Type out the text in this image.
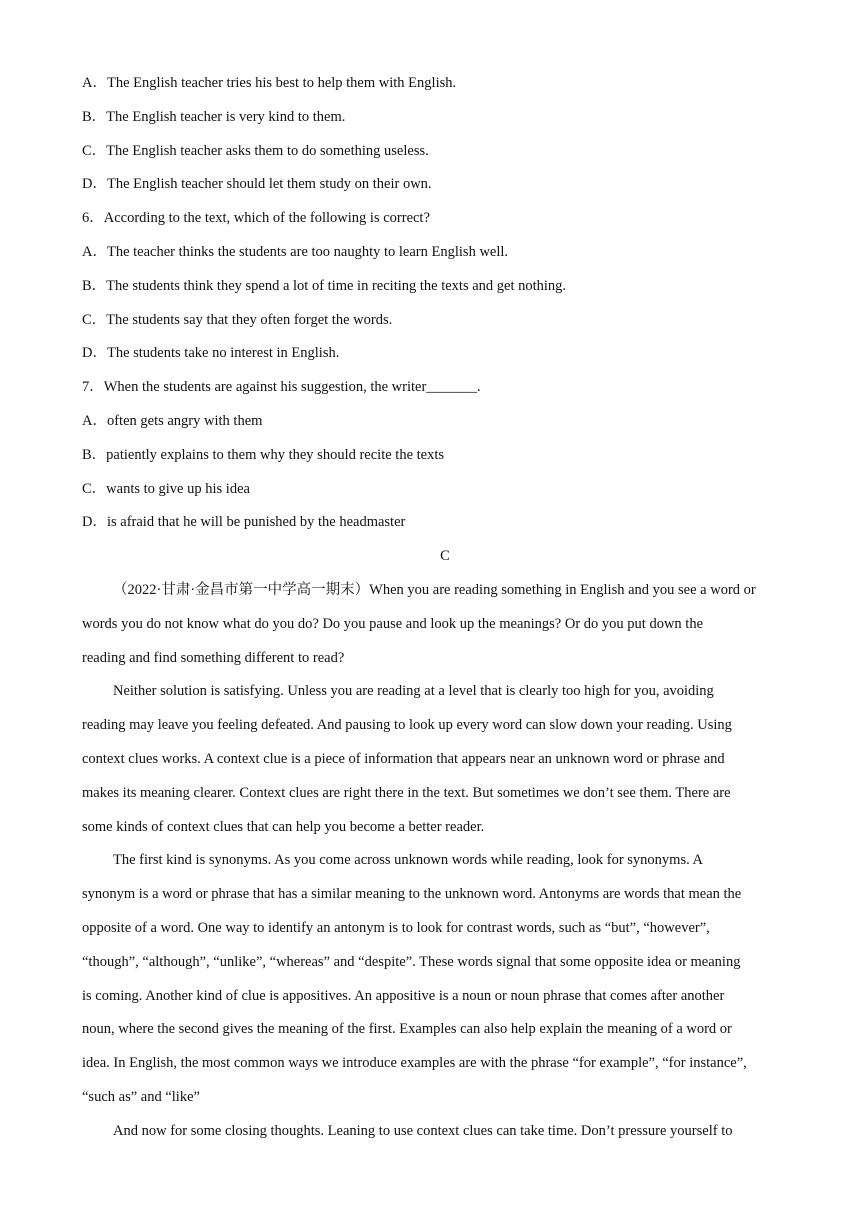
A．The English teacher tries his best to help them with English.
B．The English teacher is very kind to them.
C．The English teacher asks them to do something useless.
D．The English teacher should let them study on their own.
6．According to the text, which of the following is correct?
A．The teacher thinks the students are too naughty to learn English well.
B．The students think they spend a lot of time in reciting the texts and get nothing.
C．The students say that they often forget the words.
D．The students take no interest in English.
7．When the students are against his suggestion, the writer_______.
A．often gets angry with them
B．patiently explains to them why they should recite the texts
C．wants to give up his idea
D．is afraid that he will be punished by the headmaster
C
（2022·甘肃·金昌市第一中学高一期末）When you are reading something in English and you see a word or
words you do not know what do you do? Do you pause and look up the meanings? Or do you put down the
reading and find something different to read?
Neither solution is satisfying. Unless you are reading at a level that is clearly too high for you, avoiding
reading may leave you feeling defeated. And pausing to look up every word can slow down your reading. Using
context clues works. A context clue is a piece of information that appears near an unknown word or phrase and
makes its meaning clearer. Context clues are right there in the text. But sometimes we don’t see them. There are
some kinds of context clues that can help you become a better reader.
The first kind is synonyms. As you come across unknown words while reading, look for synonyms. A
synonym is a word or phrase that has a similar meaning to the unknown word. Antonyms are words that mean the
opposite of a word. One way to identify an antonym is to look for contrast words, such as “but”, “however”,
“though”, “although”, “unlike”, “whereas” and “despite”. These words signal that some opposite idea or meaning
is coming. Another kind of clue is appositives. An appositive is a noun or noun phrase that comes after another
noun, where the second gives the meaning of the first. Examples can also help explain the meaning of a word or
idea. In English, the most common ways we introduce examples are with the phrase “for example”, “for instance”,
“such as” and “like”
And now for some closing thoughts. Leaning to use context clues can take time. Don’t pressure yourself to
